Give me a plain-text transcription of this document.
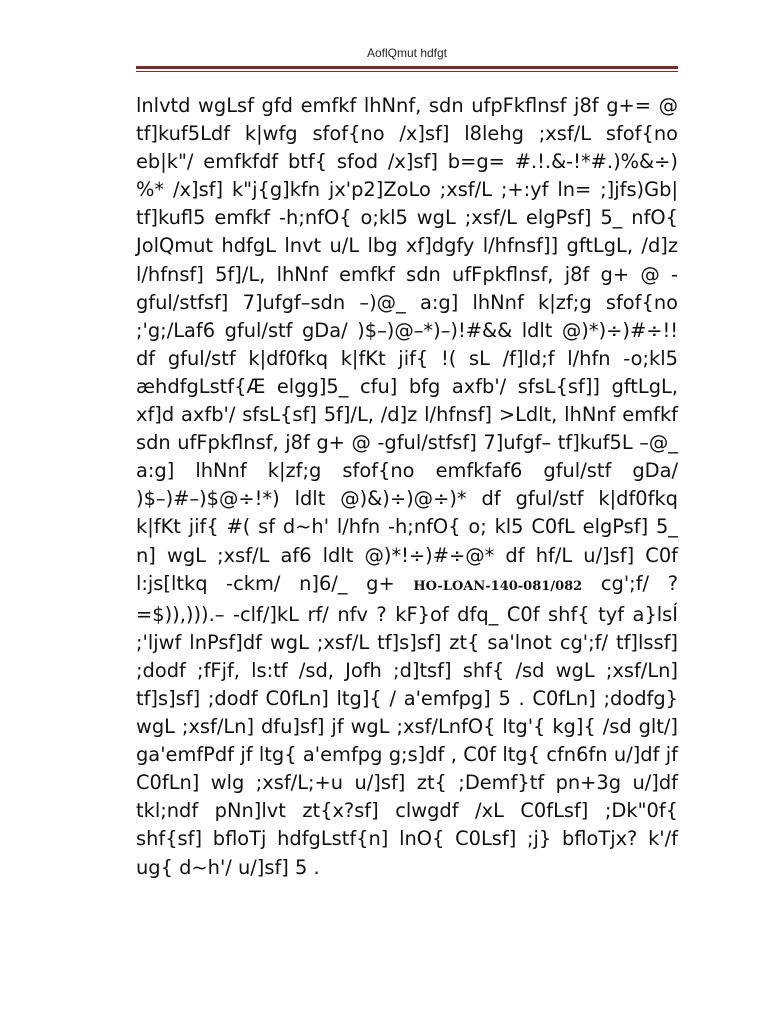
AoflQmut hdfgt

lnlvtd wgLsf gfd emfkf lhNnf, sdn ufpFkflnsf j8f g+= @ tf]kuf5Ldf k|wfg sfof{no /x]sf] l8lehg ;xsf/L sfof{no eb|k"/ emfkfdf btf{ sfod /x]sf] b=g= #.!.&-!*#.)%&÷) %* /x]sf] k"j{g]kfn jx'p2]ZoLo ;xsf/L ;+:yf ln= ;]jfs)Gb| tf]kufl5 emfkf -h;nfO{ o;kl5 wgL ;xsf/L elgPsf] 5_ nfO{ JolQmut hdfgL lnvt u/L lbg xf]dgfy l/hfnsf]] gftLgL, /d]z l/hfnsf] 5f]/L, lhNnf emfkf sdn ufFpkflnsf, j8f g+ @ -gful/stfsf] 7]ufgf–sdn –)@_ a:g] lhNnf k|zf;g sfof{no ;'g;/Laf6 gful/stf gDa/ )$–)@–*)–)!#&& ldlt @)*)÷)#÷!! df gful/stf k|df0fkq k|fKt jif{ !( sL /f]ld;f l/hfn -o;kl5 æhdfgLstf{Æ elgg]5_ cfu] bfg axfb'/ sfsL{sf]] gftLgL, xf]d axfb'/ sfsL{sf] 5f]/L, /d]z l/hfnsf] >Ldlt, lhNnf emfkf sdn ufFpkflnsf, j8f g+ @ -gful/stfsf] 7]ufgf– tf]kuf5L –@_ a:g] lhNnf k|zf;g sfof{no emfkfaf6 gful/stf gDa/ )$–)#–)$@÷!*) ldlt @)&)÷)@÷)* df gful/stf k|df0fkq k|fKt jif{ #( sf d~h' l/hfn -h;nfO{ o; kl5 C0fL elgPsf] 5_ n] wgL ;xsf/L af6 ldlt @)*!÷)#÷@* df hf/L u/]sf] C0f l:js[ltkq -ckm/ n]6/_ g+ HO-LOAN-140-081/082 cg';f/ ?=$)),))).– -clf/]kL rf/ nfv ? kF}of dfq_ C0f shf{ tyf a}lsÍ ;'ljwf lnPsf]df wgL ;xsf/L tf]s]sf] zt{ sa'lnot cg';f/ tf]lssf] ;dodf ;fFjf, ls:tf /sd, Jofh ;d]tsf] shf{ /sd wgL ;xsf/Ln] tf]s]sf] ;dodf C0fLn] ltg]{ / a'emfpg] 5 . C0fLn] ;dodfg} wgL ;xsf/Ln] dfu]sf] jf wgL ;xsf/LnfO{ ltg'{ kg]{ /sd glt/] ga'emfPdf jf ltg{ a'emfpg g;s]df , C0f ltg{ cfn6fn u/]df jf C0fLn] wlg ;xsf/L;+u u/]sf] zt{ ;Demf}tf pn+3g u/]df tkl;ndf pNn]lvt zt{x?sf] clwgdf /xL C0fLsf] ;Dk"0f{ shf{sf] bfloTj hdfgLstf{n] lnO{ C0Lsf] ;j} bfloTjx? k'/f ug{ d~h'/ u/]sf] 5 .
